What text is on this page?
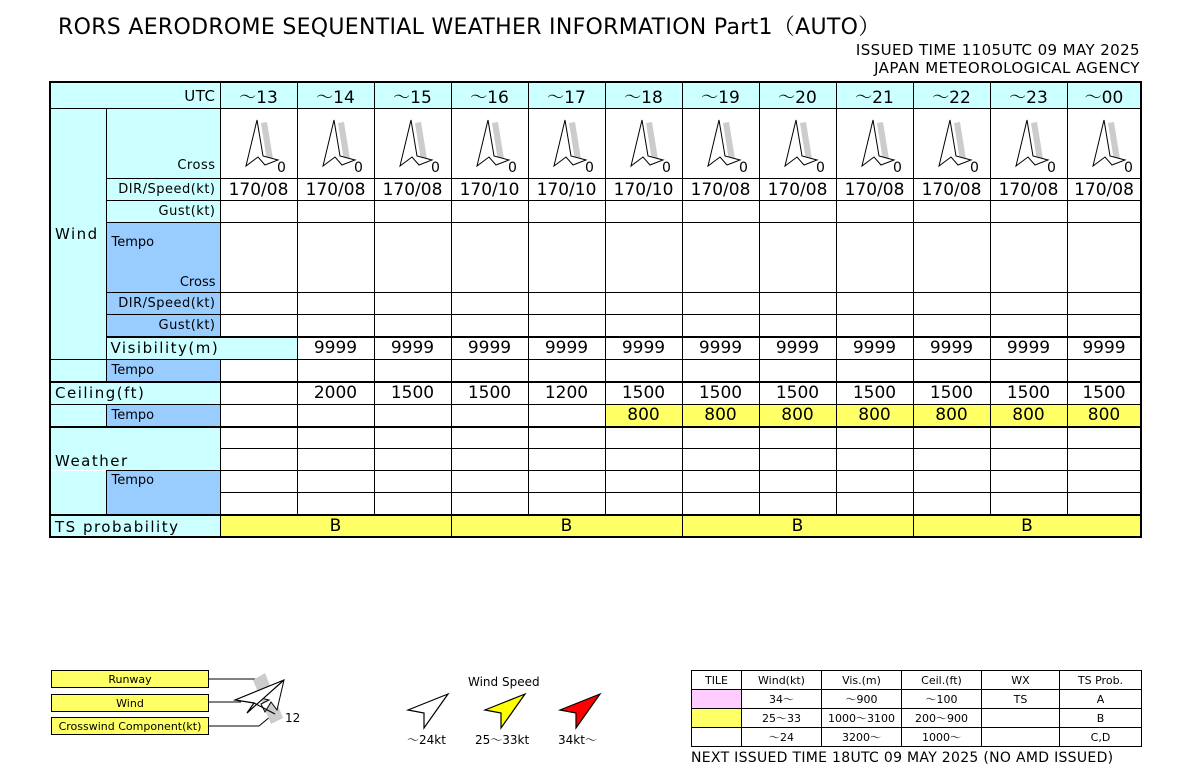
RORS AERODROME SEQUENTIAL WEATHER INFORMATION Part1（AUTO）
ISSUED TIME 1105UTC 09 MAY 2025
JAPAN METEOROLOGICAL AGENCY
UTC		～13	～14	～15	～16	～17	～18	～19	～20	～21	～22	～23	～00	
Wind	Cross	0	0	0	0	0	0	0	0	0	0	0	0	

	DIR/Speed(kt)	170/08	170/08	170/08	170/10	170/10	170/10	170/08	170/08	170/08	170/08	170/08	170/08	
	Gust(kt)													

	Tempo
Cross													

	DIR/Speed(kt)													
	Gust(kt)													
	Visibility(m)		9999	9999	9999	9999	9999	9999	9999	9999	9999	9999	9999	
	Tempo													
Ceiling(ft)			2000	1500	1500	1200	1500	1500	1500	1500	1500	1500	1500	
	Tempo						800	800	800	800	800	800	800	
Weather														

	Tempo													

TS probability		B			B			B			B			
Runway
Wind
Crosswind Component(kt)
12
Wind Speed
～24kt 25～33kt 34kt～
TILE	Wind(kt)	Vis.(m)	Ceil.(ft)	WX	TS Prob.
	34～	～900	～100	TS	A
	25～33	1000～3100	200～900		B
	～24	3200～	1000～		C,D
NEXT ISSUED TIME 18UTC 09 MAY 2025 (NO AMD ISSUED)
